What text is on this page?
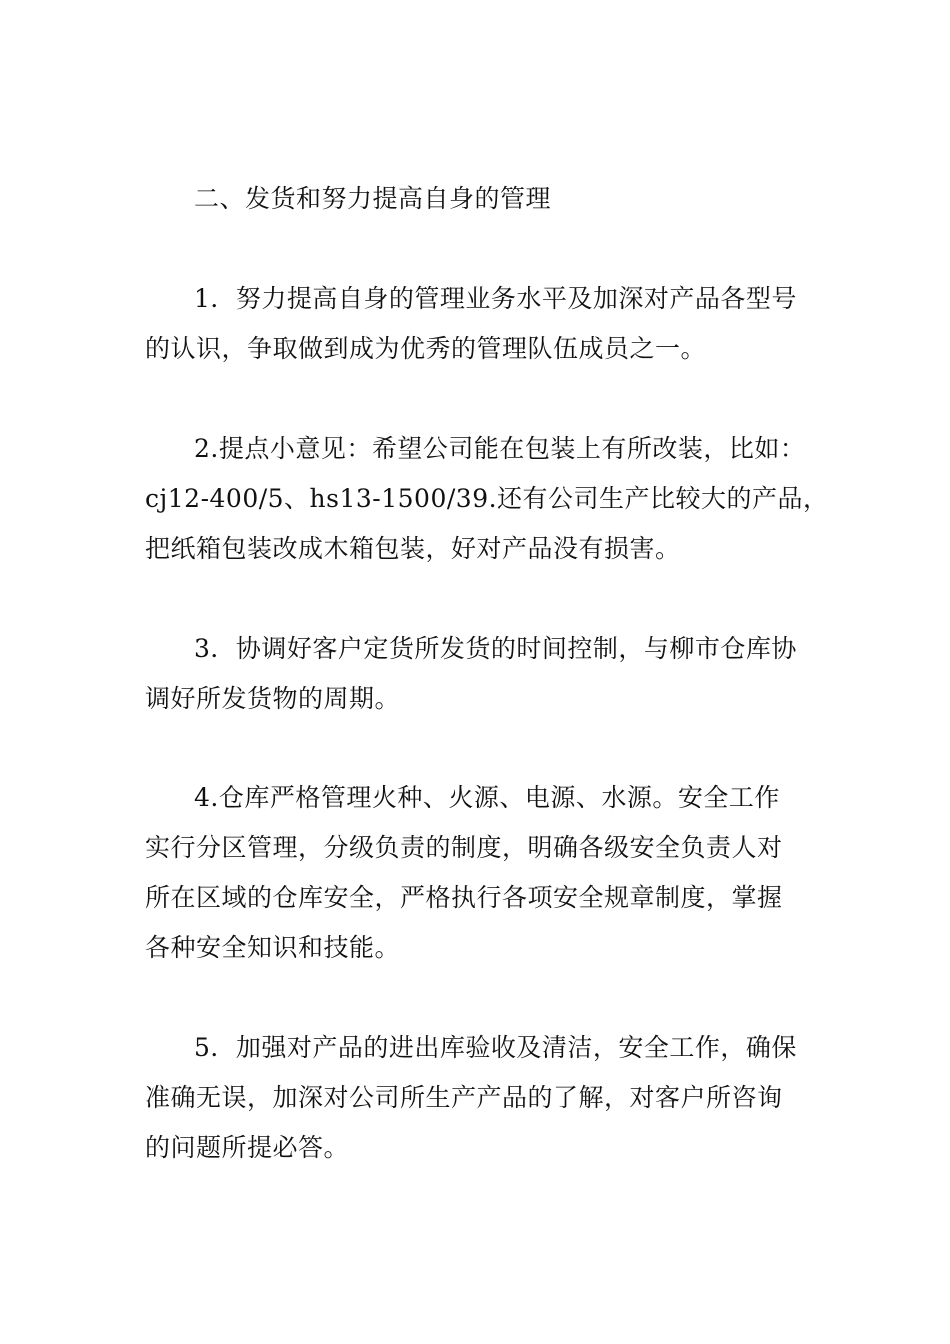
二、发货和努力提高自身的管理
1．努力提高自身的管理业务水平及加深对产品各型号
的认识，争取做到成为优秀的管理队伍成员之一。
2.提点小意见：希望公司能在包装上有所改装，比如：
cj12-400/5、hs13-1500/39.还有公司生产比较大的产品，
把纸箱包装改成木箱包装，好对产品没有损害。
3．协调好客户定货所发货的时间控制，与柳市仓库协
调好所发货物的周期。
4.仓库严格管理火种、火源、电源、水源。安全工作
实行分区管理，分级负责的制度，明确各级安全负责人对
所在区域的仓库安全，严格执行各项安全规章制度，掌握
各种安全知识和技能。
5．加强对产品的进出库验收及清洁，安全工作，确保
准确无误，加深对公司所生产产品的了解，对客户所咨询
的问题所提必答。
